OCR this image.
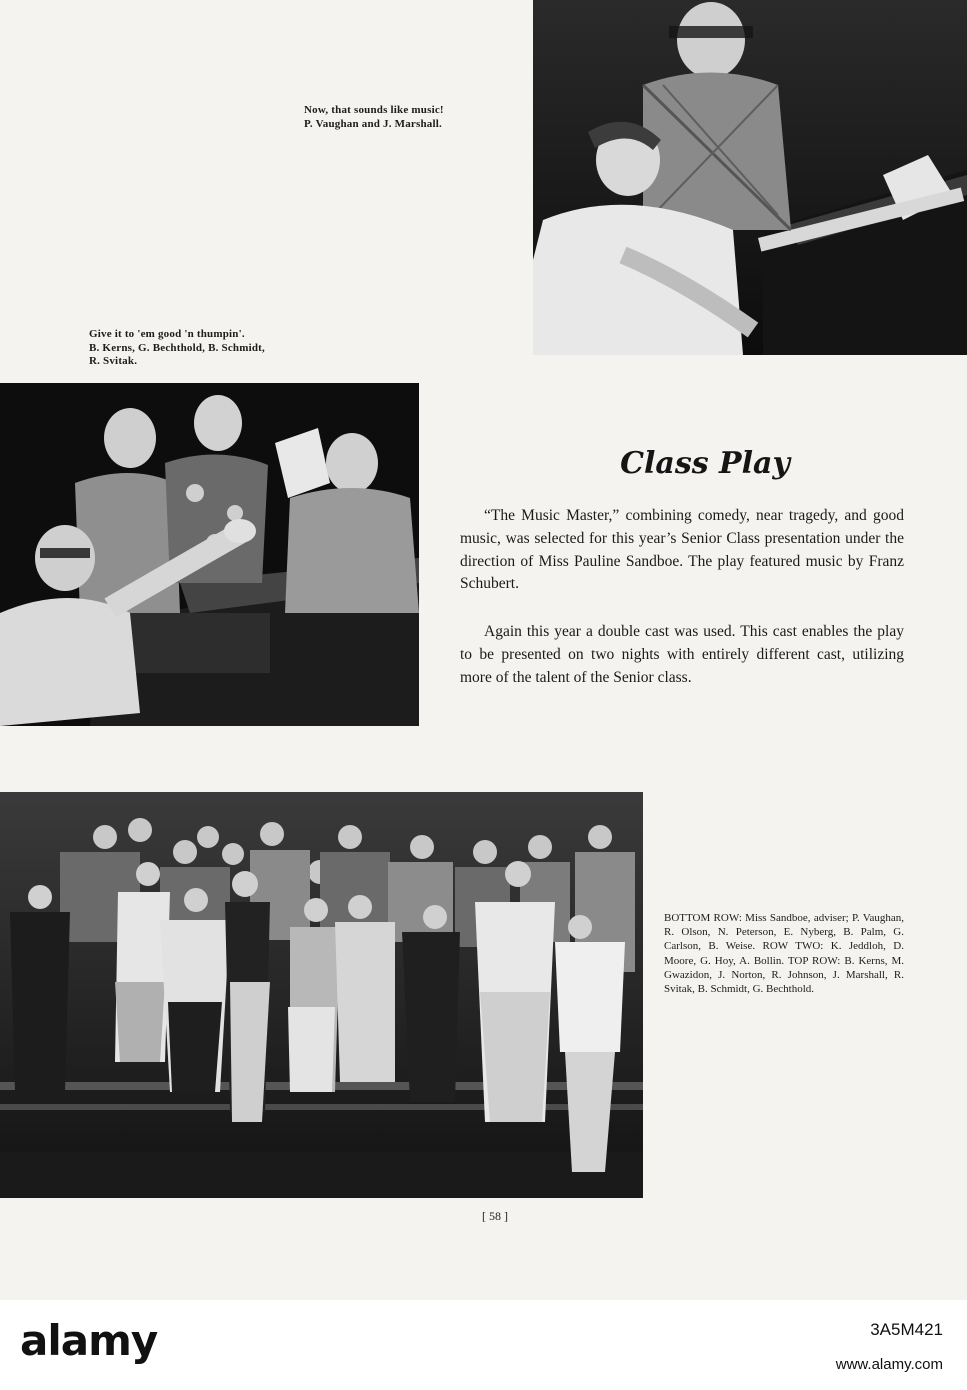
Now, that sounds like music!
P. Vaughan and J. Marshall.
Give it to 'em good 'n thumpin'.
B. Kerns, G. Bechthold, B. Schmidt,
R. Svitak.
Class Play

“The Music Master,” combining comedy, near tragedy, and good music, was selected for this year’s Senior Class presentation under the direction of Miss Pauline Sandboe. The play featured music by Franz Schubert.

Again this year a double cast was used. This cast enables the play to be presented on two nights with entirely different cast, utilizing more of the talent of the Senior class.

BOTTOM ROW: Miss Sandboe, adviser; P. Vaughan, R. Olson, N. Peterson, E. Nyberg, B. Palm, G. Carlson, B. Weise. ROW TWO: K. Jeddloh, D. Moore, G. Hoy, A. Bollin. TOP ROW: B. Kerns, M. Gwazidon, J. Norton, R. Johnson, J. Marshall, R. Svitak, B. Schmidt, G. Bechthold.
[ 58 ]
alamy	3A5M421
www.alamy.com
